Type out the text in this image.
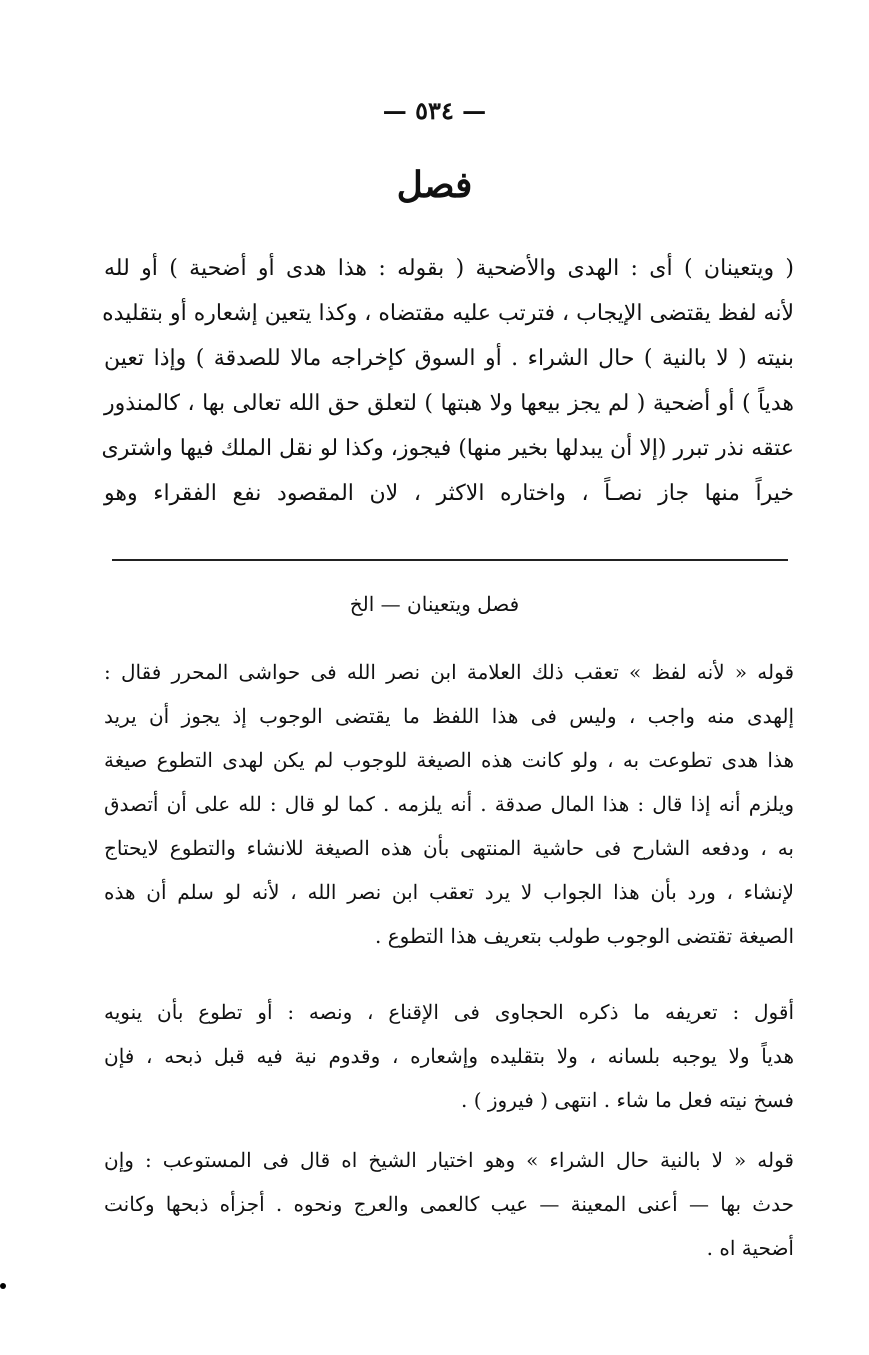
— ٥٣٤ —
فصل
( ويتعينان ) أى : الهدى والأضحية ( بقوله : هذا هدى أو أضحية ) أو لله
لأنه لفظ يقتضى الإيجاب ، فترتب عليه مقتضاه ، وكذا يتعين إشعاره أو بتقليده
بنيته ( لا بالنية ) حال الشراء . أو السوق كإخراجه مالا للصدقة ) وإذا تعين
هدياً ) أو أضحية ( لم يجز بيعها ولا هبتها ) لتعلق حق الله تعالى بها ، كالمنذور
عتقه نذر تبرر (إلا أن يبدلها بخير منها) فيجوز، وكذا لو نقل الملك فيها واشترى
خيراً منها جاز نصـاً ، واختاره الاكثر ، لان المقصود نفع الفقراء وهو
فصل ويتعينان — الخ
قوله « لأنه لفظ » تعقب ذلك العلامة ابن نصر الله فى حواشى المحرر فقال :
إلهدى منه واجب ، وليس فى هذا اللفظ ما يقتضى الوجوب إذ يجوز أن يريد
هذا هدى تطوعت به ، ولو كانت هذه الصيغة للوجوب لم يكن لهدى التطوع صيغة
ويلزم أنه إذا قال : هذا المال صدقة . أنه يلزمه . كما لو قال : لله على أن أتصدق
به ، ودفعه الشارح فى حاشية المنتهى بأن هذه الصيغة للانشاء والتطوع لايحتاج
لإنشاء ، ورد بأن هذا الجواب لا يرد تعقب ابن نصر الله ، لأنه لو سلم أن هذه
الصيغة تقتضى الوجوب طولب بتعريف هذا التطوع .
أقول : تعريفه ما ذكره الحجاوى فى الإقناع ، ونصه : أو تطوع بأن ينويه
هدياً ولا يوجبه بلسانه ، ولا بتقليده وإشعاره ، وقدوم نية فيه قبل ذبحه ، فإن
فسخ نيته فعل ما شاء . انتهى ( فيروز ) .
قوله « لا بالنية حال الشراء » وهو اختيار الشيخ اه قال فى المستوعب : وإن
حدث بها — أعنى المعينة — عيب كالعمى والعرج ونحوه . أجزأه ذبحها وكانت
أضحية اه .
